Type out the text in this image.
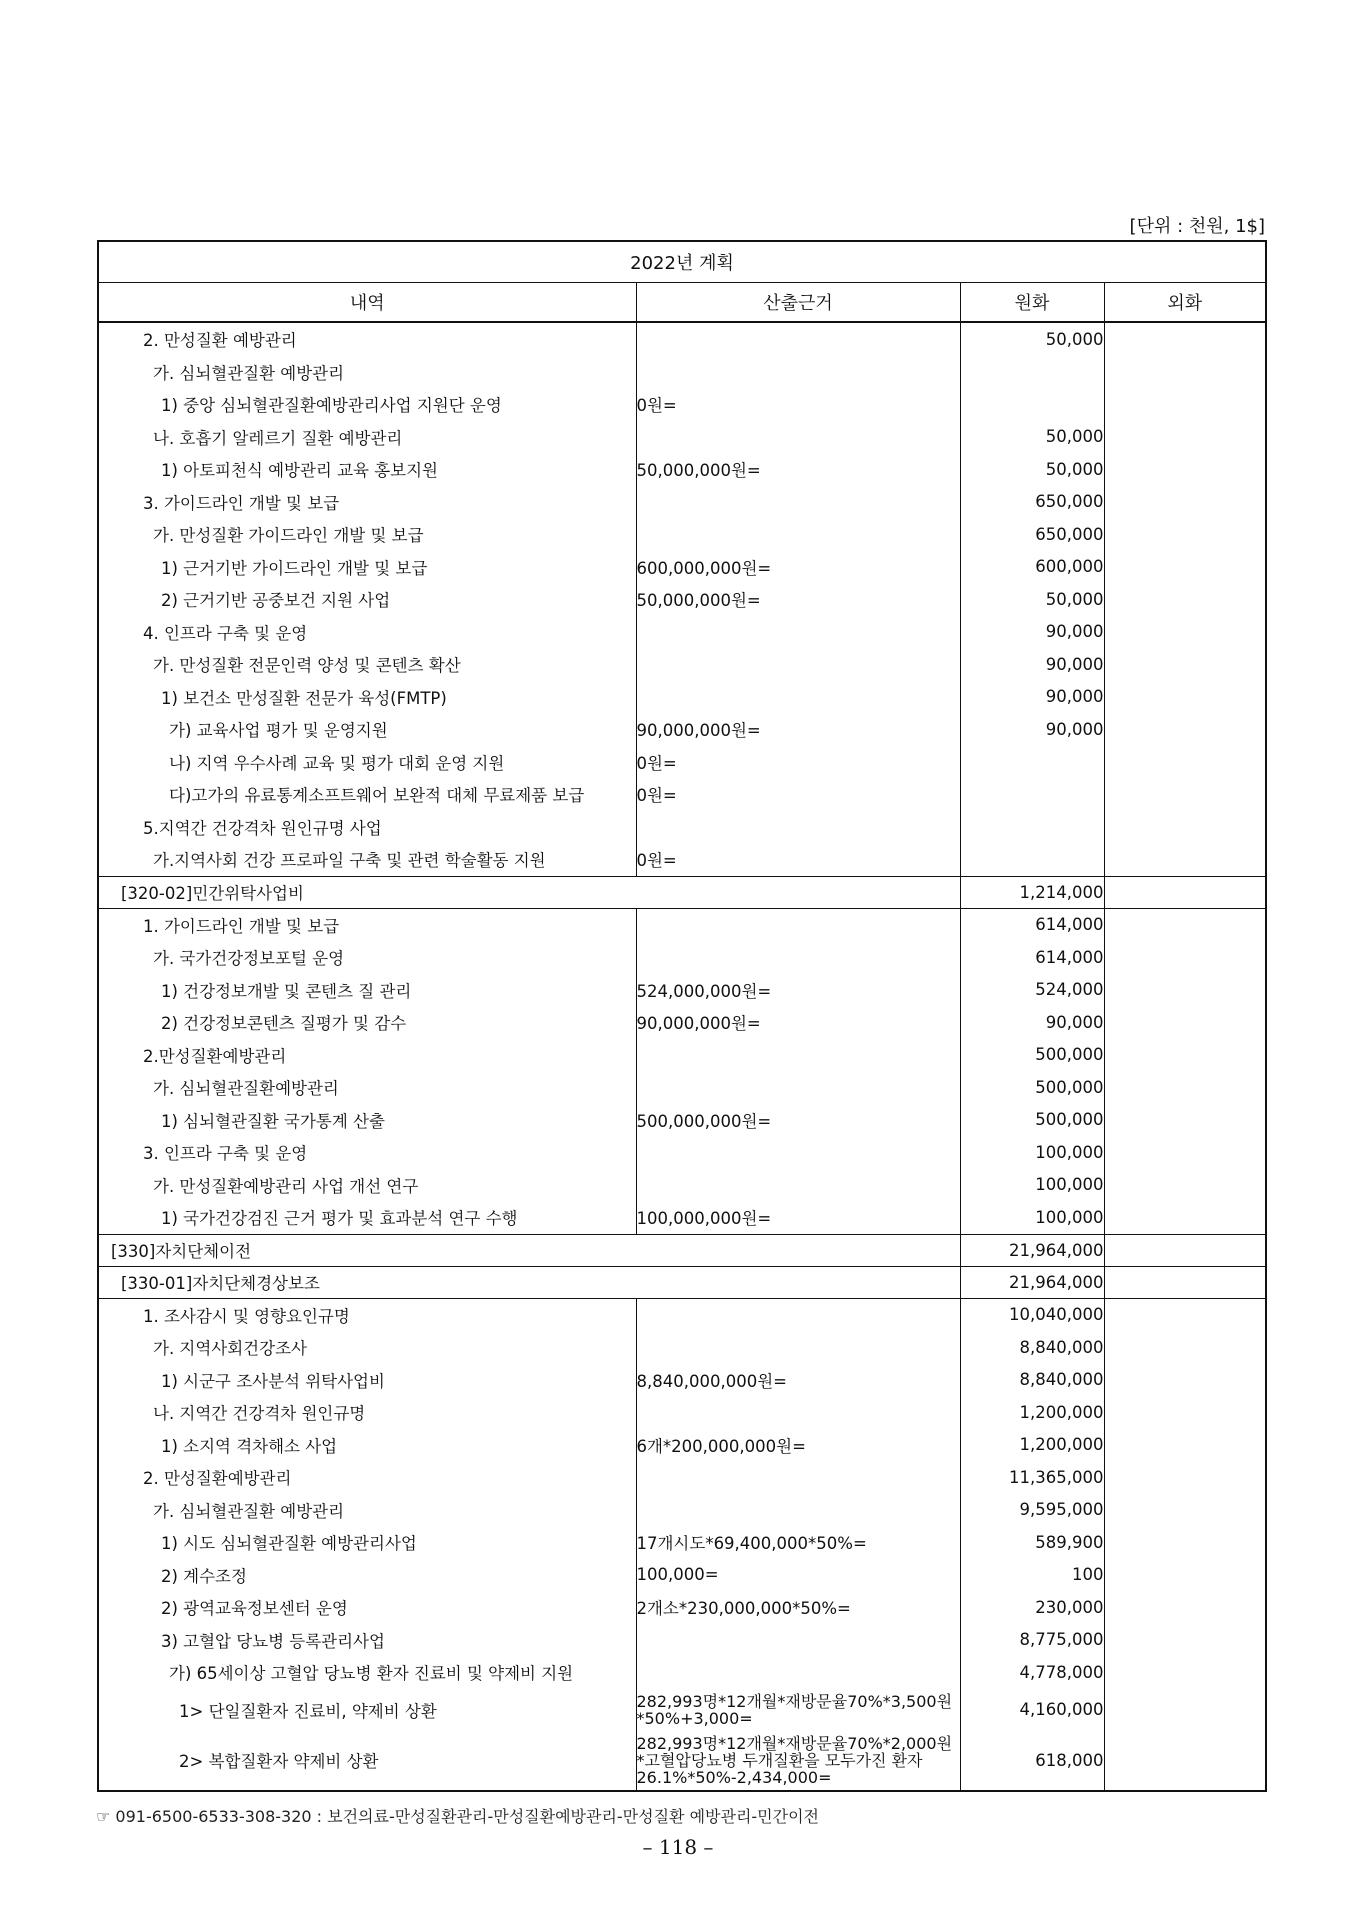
[단위 : 천원, 1$]
2022년 계획			
내역	산출근거	원화	외화
2. 만성질환 예방관리		50,000	
가. 심뇌혈관질환 예방관리			
1) 중앙 심뇌혈관질환예방관리사업 지원단 운영	0원=		
나. 호흡기 알레르기 질환 예방관리		50,000	
1) 아토피천식 예방관리 교육 홍보지원	50,000,000원=	50,000	
3. 가이드라인 개발 및 보급		650,000	
가. 만성질환 가이드라인 개발 및 보급		650,000	
1) 근거기반 가이드라인 개발 및 보급	600,000,000원=	600,000	
2) 근거기반 공중보건 지원 사업	50,000,000원=	50,000	
4. 인프라 구축 및 운영		90,000	
가. 만성질환 전문인력 양성 및 콘텐츠 확산		90,000	
1) 보건소 만성질환 전문가 육성(FMTP)		90,000	
가) 교육사업 평가 및 운영지원	90,000,000원=	90,000	
나) 지역 우수사례 교육 및 평가 대회 운영 지원	0원=		
다)고가의 유료통계소프트웨어 보완적 대체 무료제품 보급	0원=		
5.지역간 건강격차 원인규명 사업			
가.지역사회 건강 프로파일 구축 및 관련 학술활동 지원	0원=		
[320-02]민간위탁사업비		1,214,000	
1. 가이드라인 개발 및 보급		614,000	
가. 국가건강정보포털 운영		614,000	
1) 건강정보개발 및 콘텐츠 질 관리	524,000,000원=	524,000	
2) 건강정보콘텐츠 질평가 및 감수	90,000,000원=	90,000	
2.만성질환예방관리		500,000	
가. 심뇌혈관질환예방관리		500,000	
1) 심뇌혈관질환 국가통계 산출	500,000,000원=	500,000	
3. 인프라 구축 및 운영		100,000	
가. 만성질환예방관리 사업 개선 연구		100,000	
1) 국가건강검진 근거 평가 및 효과분석 연구 수행	100,000,000원=	100,000	
[330]자치단체이전		21,964,000	
[330-01]자치단체경상보조		21,964,000	
1. 조사감시 및 영향요인규명		10,040,000	
가. 지역사회건강조사		8,840,000	
1) 시군구 조사분석 위탁사업비	8,840,000,000원=	8,840,000	
나. 지역간 건강격차 원인규명		1,200,000	
1) 소지역 격차해소 사업	6개*200,000,000원=	1,200,000	
2. 만성질환예방관리		11,365,000	
가. 심뇌혈관질환 예방관리		9,595,000	
1) 시도 심뇌혈관질환 예방관리사업	17개시도*69,400,000*50%=	589,900	
2) 계수조정	100,000=	100	
2) 광역교육정보센터 운영	2개소*230,000,000*50%=	230,000	
3) 고혈압 당뇨병 등록관리사업		8,775,000	
가) 65세이상 고혈압 당뇨병 환자 진료비 및 약제비 지원		4,778,000	
1> 단일질환자 진료비, 약제비 상환	282,993명*12개월*재방문율70%*3,500원*50%+3,000=	4,160,000	
2> 복합질환자 약제비 상환	282,993명*12개월*재방문율70%*2,000원*고혈압당뇨병 두개질환을 모두가진 환자 26.1%*50%-2,434,000=	618,000	
☞ 091-6500-6533-308-320 : 보건의료-만성질환관리-만성질환예방관리-만성질환 예방관리-민간이전
– 118 –
